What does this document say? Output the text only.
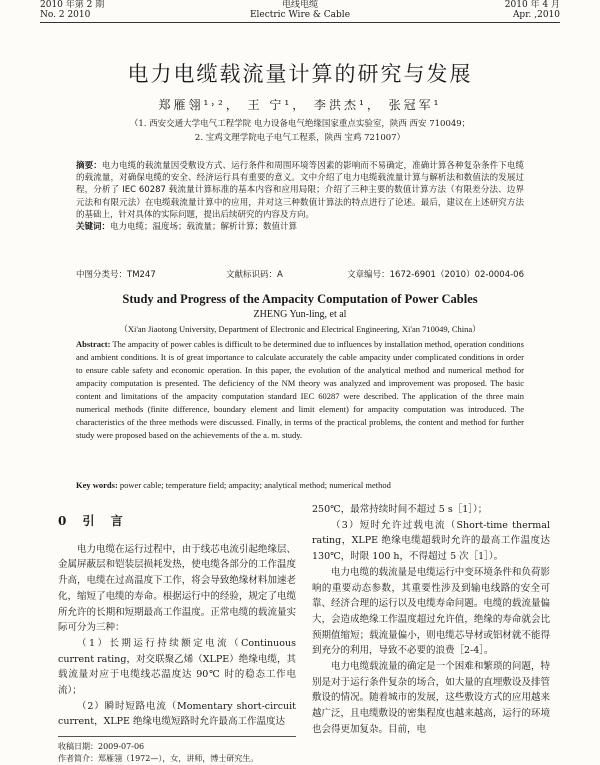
2010 年第 2 期
No. 2 2010
电线电缆
Electric Wire & Cable
2010 年 4 月
Apr. ,2010
电力电缆载流量计算的研究与发展
郑雁翎¹˒²， 王 宁¹， 李洪杰¹， 张冠军¹
（1. 西安交通大学电气工程学院 电力设备电气绝缘国家重点实验室，陕西 西安 710049；
2. 宝鸡文理学院电子电气工程系，陕西 宝鸡 721007）
摘要：电力电缆的载流量因受敷设方式、运行条件和周围环境等因素的影响而不易确定，准确计算各种复杂条件下电缆的载流量，对确保电缆的安全、经济运行具有重要的意义。文中介绍了电力电缆载流量计算与解析法和数值法的发展过程，分析了 IEC 60287 载流量计算标准的基本内容和应用局限；介绍了三种主要的数值计算方法（有限差分法、边界元法和有限元法）在电缆载流量计算中的应用，并对这三种数值计算法的特点进行了论述。最后，建议在上述研究方法的基础上，针对具体的实际问题，提出后续研究的内容及方向。
关键词：电力电缆；温度场；载流量；解析计算；数值计算
中图分类号：TM247	文献标识码：A	文章编号：1672-6901（2010）02-0004-06
Study and Progress of the Ampacity Computation of Power Cables
ZHENG Yun-ling, et al
（Xi'an Jiaotong University, Department of Electronic and Electrical Engineering, Xi'an 710049, China）
Abstract: The ampacity of power cables is difficult to be determined due to influences by installation method, operation conditions and ambient conditions. It is of great importance to calculate accurately the cable ampacity under complicated conditions in order to ensure cable safety and economic operation. In this paper, the evolution of the analytical method and numerical method for ampacity computation is presented. The deficiency of the NM theory was analyzed and improvement was proposed. The basic content and limitations of the ampacity computation standard IEC 60287 were described. The application of the three main numerical methods (finite difference, boundary element and limit element) for ampacity computation was introduced. The characteristics of the three methods were discussed. Finally, in terms of the practical problems, the content and method for further study were proposed based on the achievements of the a. m. study.
Key words: power cable; temperature field; ampacity; analytical method; numerical method
0 引 言

电力电缆在运行过程中，由于线芯电流引起绝缘层、金属屏蔽层和铠装层损耗发热，使电缆各部分的工作温度升高，电缆在过高温度下工作，将会导致绝缘材料加速老化，缩短了电缆的寿命。根据运行中的经验，规定了电缆所允许的长期和短期最高工作温度。正常电缆的载流量实际可分为三种：

（1）长期运行持续额定电流（Continuous current rating，对交联聚乙烯（XLPE）绝缘电缆，其载流量对应于电缆线芯温度达 90℃ 时的稳态工作电流）；

（2）瞬时短路电流（Momentary short-circuit current，XLPE 绝缘电缆短路时允许最高工作温度达

250℃，最常持续时间不超过 5 s［1］）；

（3）短时允许过载电流（Short-time thermal rating，XLPE 绝缘电缆超载时允许的最高工作温度达 130℃，时限 100 h，不得超过 5 次［1］）。

电力电缆的载流量是电缆运行中变环境条件和负荷影响的重要动态参数，其重要性涉及到输电线路的安全可靠、经济合理的运行以及电缆寿命问题。电缆的载流量偏大，会造成绝缘工作温度超过允许值，绝缘的寿命就会比预期值缩短；载流量偏小，则电缆芯导材或铝材就不能得到充分的利用，导致不必要的浪费［2-4］。

电力电缆载流量的确定是一个困难和繁琐的问题，特别是对于运行条件复杂的场合，如大量的直埋敷设及排管敷设的情况。随着城市的发展，这些敷设方式的应用越来越广泛，且电缆敷设的密集程度也越来越高，运行的环境也会得更加复杂。目前，电

收稿日期：2009-07-06
作者简介：郑雁翎（1972—），女，讲师，博士研究生。
